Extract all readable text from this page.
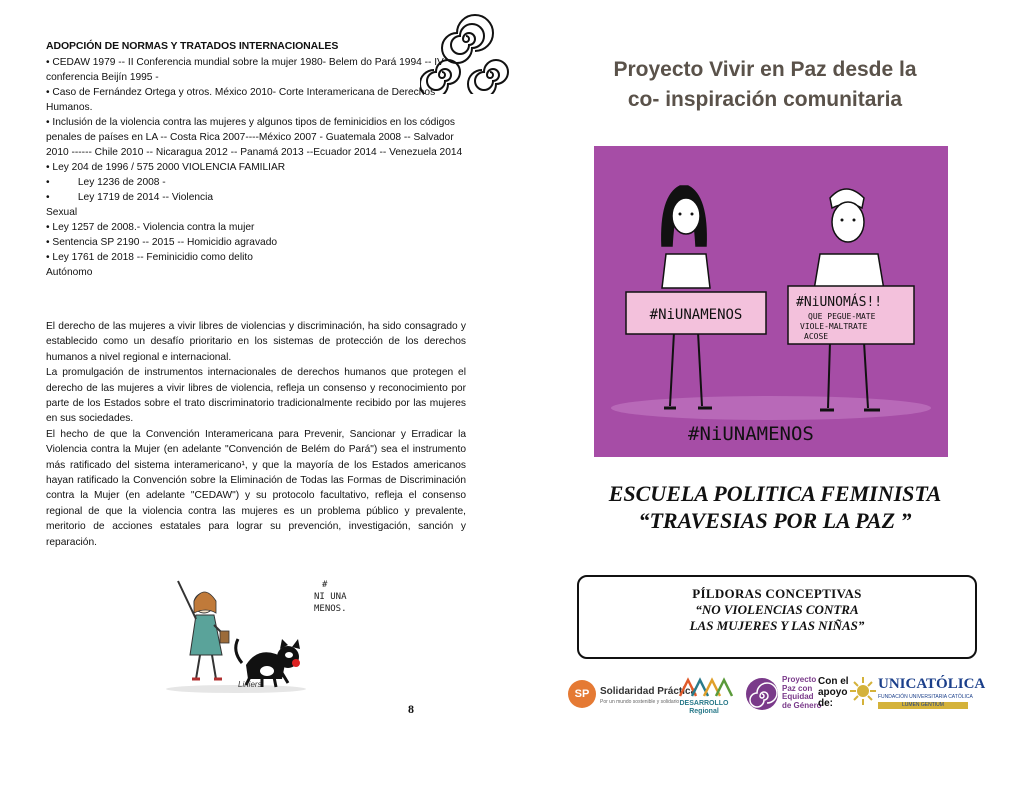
ADOPCIÓN DE NORMAS Y TRATADOS INTERNACIONALES
• CEDAW 1979 -- II Conferencia mundial sobre la mujer 1980- Belem do Pará 1994 -- IV conferencia Beijín 1995 -
• Caso de Fernández Ortega y otros. México 2010- Corte Interamericana de Derechos Humanos.
• Inclusión de la violencia contra las mujeres y algunos tipos de feminicidios en los códigos penales de países en LA -- Costa Rica 2007----México 2007 - Guatemala 2008 -- Salvador 2010 ------ Chile 2010 -- Nicaragua 2012 -- Panamá 2013 --Ecuador 2014 -- Venezuela 2014
• Ley 204 de 1996 / 575 2000 VIOLENCIA FAMILIAR
•          Ley 1236 de 2008 -
•          Ley 1719 de 2014 -- Violencia
Sexual
• Ley 1257 de 2008.- Violencia contra la mujer
• Sentencia SP 2190 -- 2015 -- Homicidio agravado
• Ley 1761 de 2018 -- Feminicidio como delito
Autónomo

El derecho de las mujeres a vivir libres de violencias y discriminación, ha sido consagrado y establecido como un desafío prioritario en los sistemas de protección de los derechos humanos a nivel regional e internacional.

La promulgación de instrumentos internacionales de derechos humanos que protegen el derecho de las mujeres a vivir libres de violencia, refleja un consenso y reconocimiento por parte de los Estados sobre el trato discriminatorio tradicionalmente recibido por las mujeres en sus sociedades.

El hecho de que la Convención Interamericana para Prevenir, Sancionar y Erradicar la Violencia contra la Mujer (en adelante "Convención de Belém do Pará") sea el instrumento más ratificado del sistema interamericano¹, y que la mayoría de los Estados americanos hayan ratificado la Convención sobre la Eliminación de Todas las Formas de Discriminación contra la Mujer (en adelante "CEDAW") y su protocolo facultativo, refleja el consenso regional de que la violencia contra las mujeres es un problema público y prevalente, meritorio de acciones estatales para lograr su prevención, investigación, sanción y reparación.

Liniers
# NI UNA MENOS.
8
Proyecto Vivir en Paz desde la
co- inspiración comunitaria
#NiUNAMENOS
#NiUNOMÁS!! QUE PEGUE-MATE VIOLE-MALTRATE ACOSE
#NiUNAMENOS
ESCUELA POLITICA FEMINISTA
“TRAVESIAS POR LA PAZ ”
PÍLDORAS CONCEPTIVAS
“NO VIOLENCIAS CONTRA
LAS MUJERES Y LAS NIÑAS”
SP	Solidaridad Práctica
Por un mundo sostenible y solidario DESARROLLO Regional
Proyecto Paz con Equidad de Género
Con el apoyo de:
UNICATÓLICA
FUNDACIÓN UNIVERSITARIA CATÓLICA
LUMEN GENTIUM
